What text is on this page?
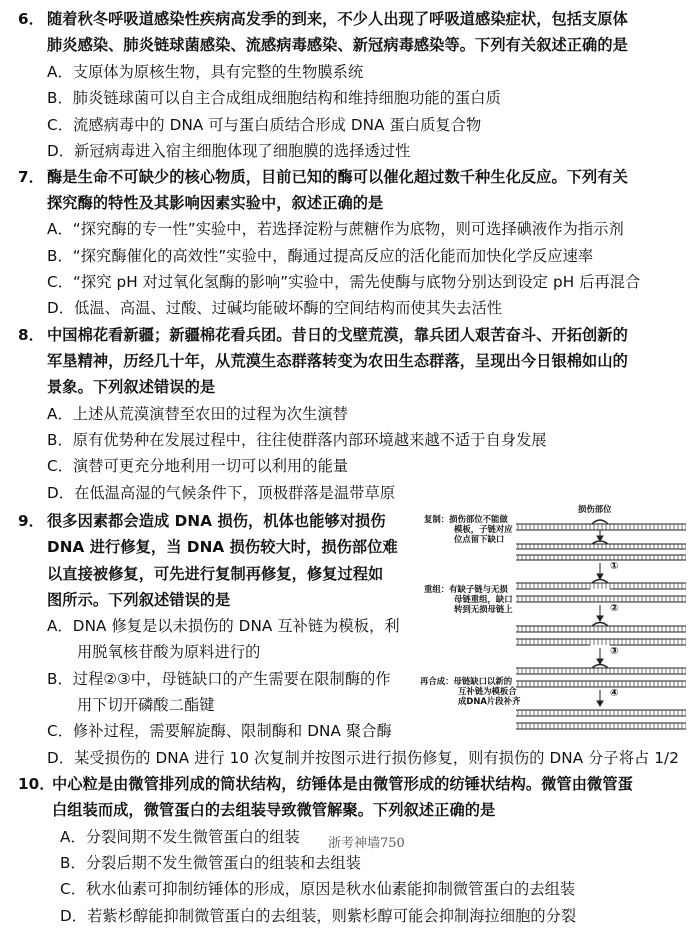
6． 随着秋冬呼吸道感染性疾病高发季的到来，不少人出现了呼吸道感染症状，包括支原体
肺炎感染、肺炎链球菌感染、流感病毒感染、新冠病毒感染等。下列有关叙述正确的是
A．支原体为原核生物，具有完整的生物膜系统
B．肺炎链球菌可以自主合成组成细胞结构和维持细胞功能的蛋白质
C．流感病毒中的 DNA 可与蛋白质结合形成 DNA 蛋白质复合物
D．新冠病毒进入宿主细胞体现了细胞膜的选择透过性
7． 酶是生命不可缺少的核心物质，目前已知的酶可以催化超过数千种生化反应。下列有关
探究酶的特性及其影响因素实验中，叙述正确的是
A．“探究酶的专一性”实验中，若选择淀粉与蔗糖作为底物，则可选择碘液作为指示剂
B．“探究酶催化的高效性”实验中，酶通过提高反应的活化能而加快化学反应速率
C．“探究 pH 对过氧化氢酶的影响”实验中，需先使酶与底物分别达到设定 pH 后再混合
D．低温、高温、过酸、过碱均能破坏酶的空间结构而使其失去活性
8． 中国棉花看新疆；新疆棉花看兵团。昔日的戈壁荒漠，靠兵团人艰苦奋斗、开拓创新的
军垦精神，历经几十年，从荒漠生态群落转变为农田生态群落，呈现出今日银棉如山的
景象。下列叙述错误的是
A．上述从荒漠演替至农田的过程为次生演替
B．原有优势种在发展过程中，往往使群落内部环境越来越不适于自身发展
C．演替可更充分地利用一切可以利用的能量
D．在低温高湿的气候条件下，顶极群落是温带草原
9． 很多因素都会造成 DNA 损伤，机体也能够对损伤
DNA 进行修复，当 DNA 损伤较大时，损伤部位难
以直接被修复，可先进行复制再修复，修复过程如
图所示。下列叙述错误的是
A．DNA 修复是以未损伤的 DNA 互补链为模板，利
用脱氧核苷酸为原料进行的
B．过程②③中，母链缺口的产生需要在限制酶的作
用下切开磷酸二酯键
C．修补过程，需要解旋酶、限制酶和 DNA 聚合酶
D．某受损伤的 DNA 进行 10 次复制并按图示进行损伤修复，则有损伤的 DNA 分子将占 1/2
损伤部位
复制：损伤部位不能做
模板，子链对应
位点留下缺口
重组：有缺子链与无损
母链重组，缺口
转到无损母链上
再合成：母链缺口以新的
互补链为模板合
成DNA片段补齐
①
②
③
④
10．
中心粒是由微管排列成的筒状结构，纺锤体是由微管形成的纺锤状结构。微管由微管蛋
白组装而成，微管蛋白的去组装导致微管解聚。下列叙述正确的是
A．分裂间期不发生微管蛋白的组装 浙考神墙750
B．分裂后期不发生微管蛋白的组装和去组装
C．秋水仙素可抑制纺锤体的形成，原因是秋水仙素能抑制微管蛋白的去组装
D．若紫杉醇能抑制微管蛋白的去组装，则紫杉醇可能会抑制海拉细胞的分裂
